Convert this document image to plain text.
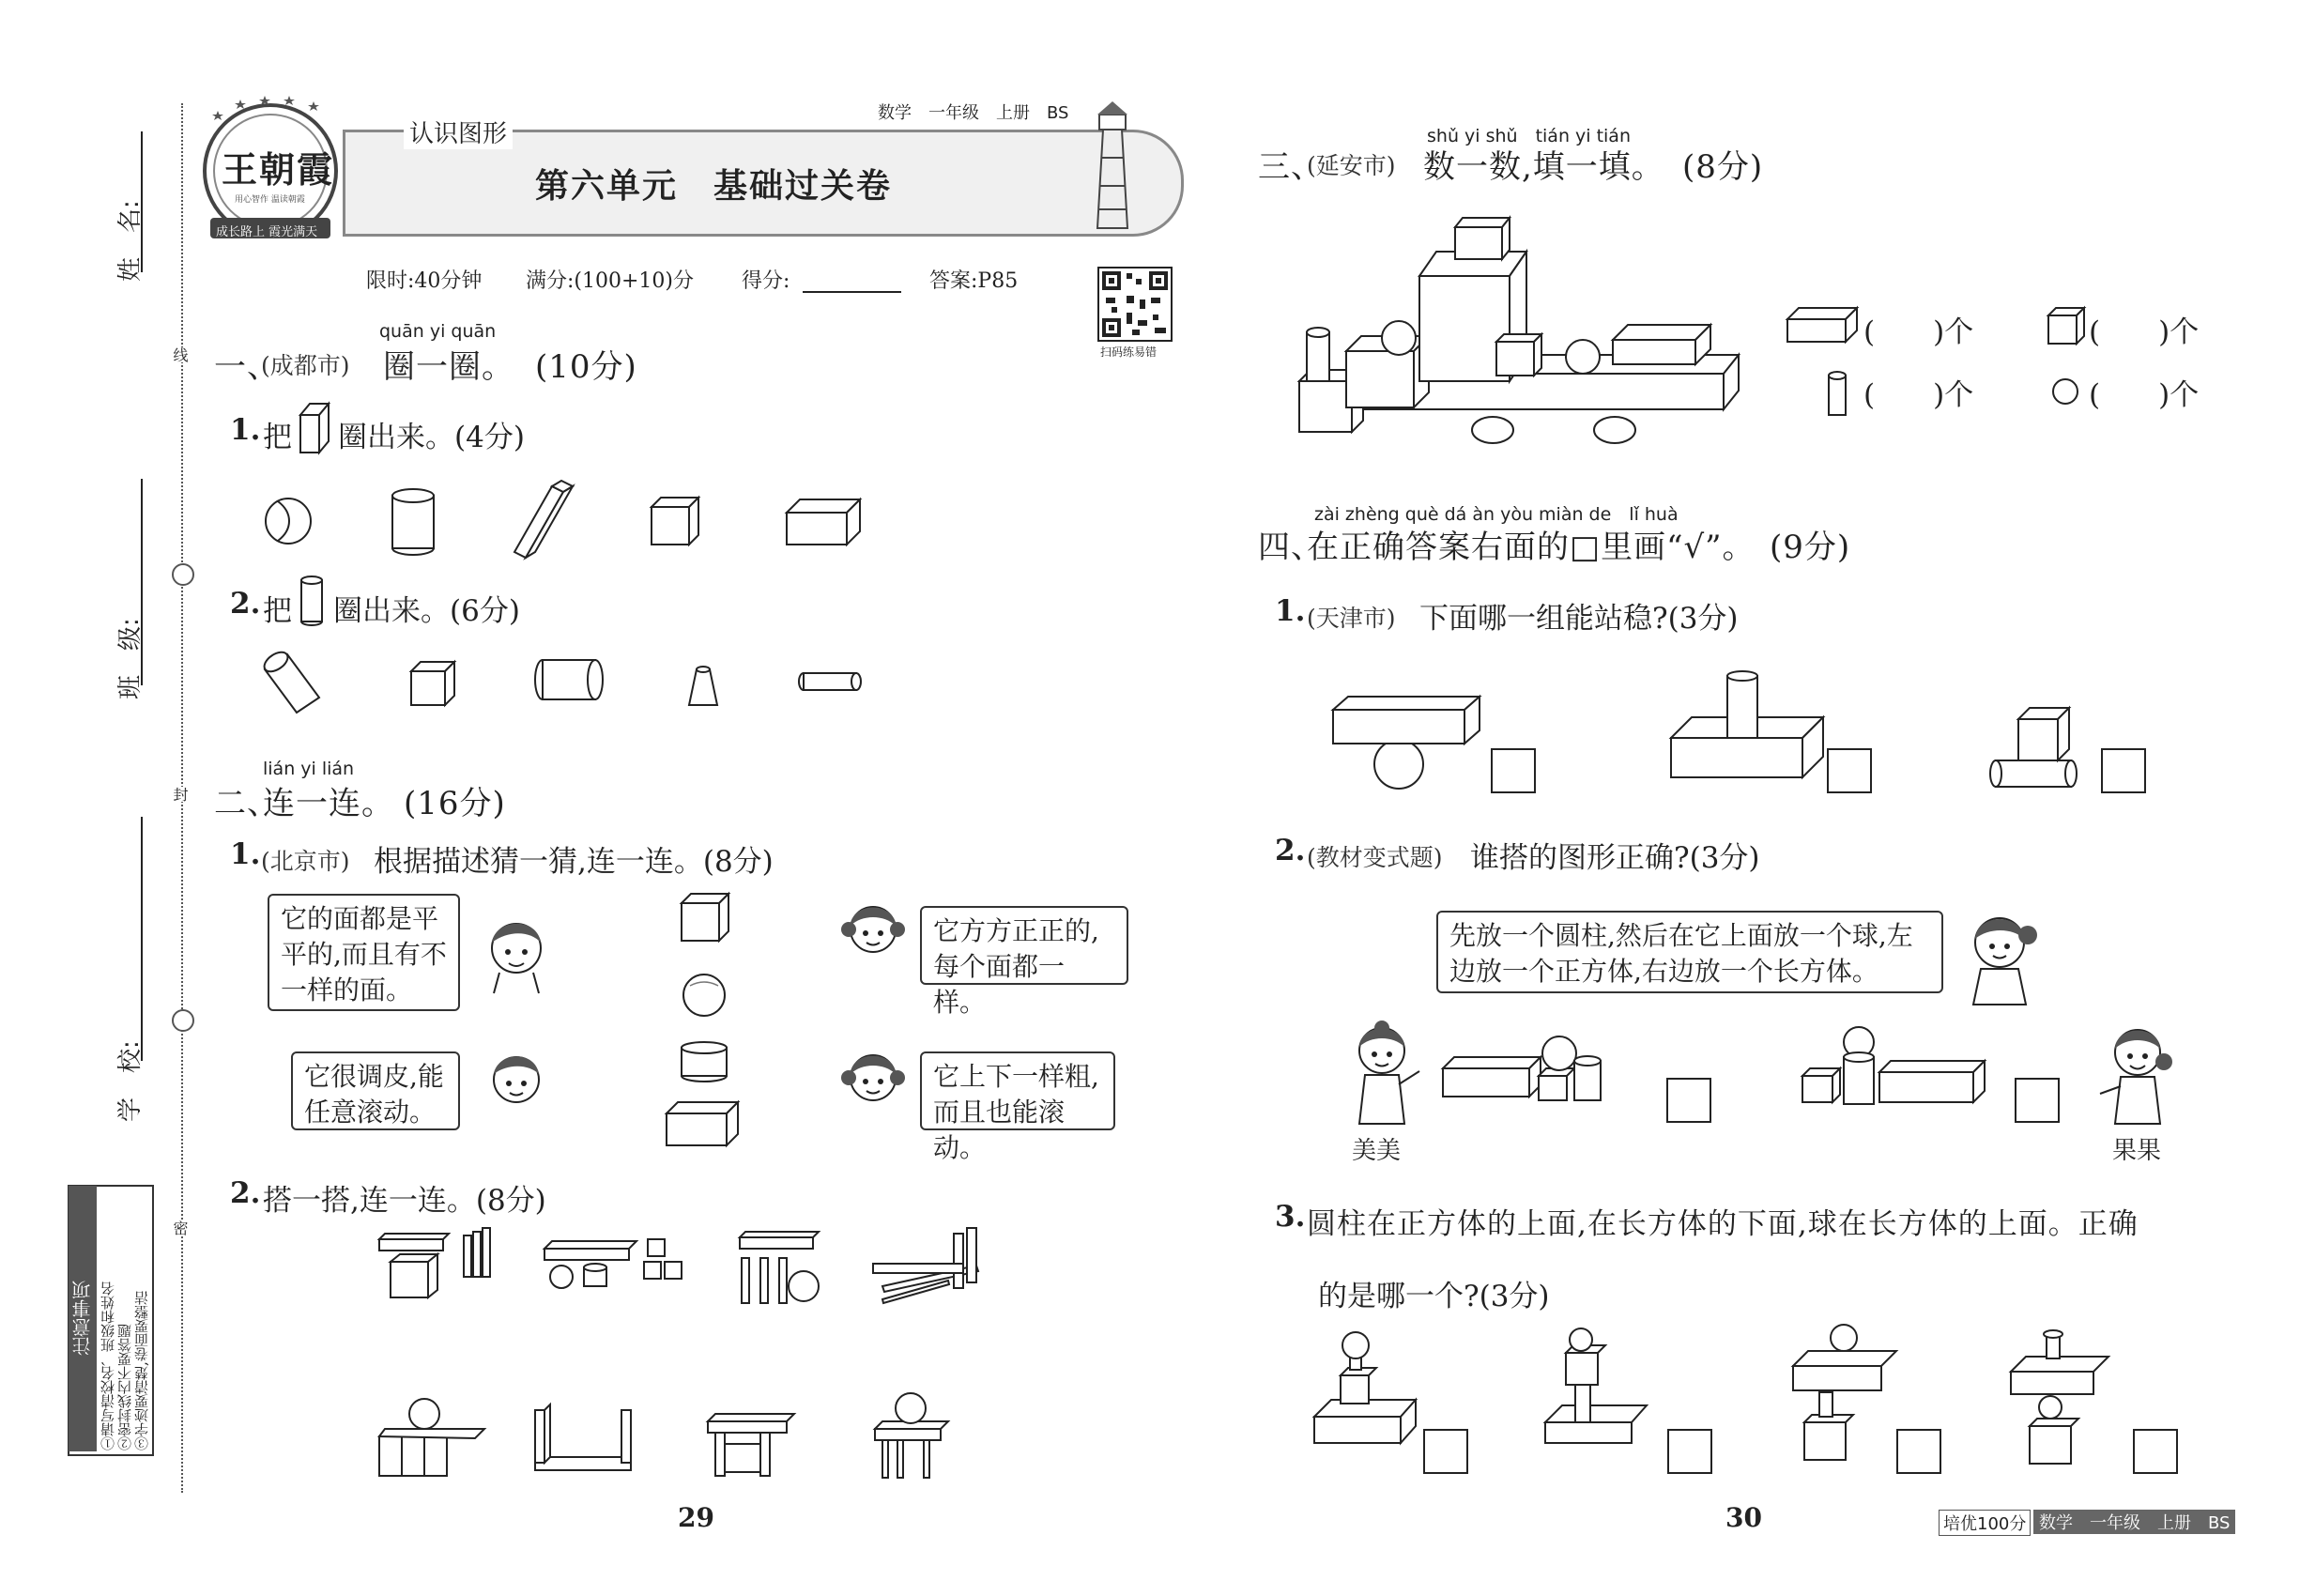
线
封
密
姓　名:
班　级:
学　校:
注意事项 ①请写清校名、班级和姓名 ②密封线内不要答题 ③字迹要清楚,卷面要整洁
王朝霞
用心智作 温读朝霞
成长路上 霞光满天
认识图形
数学　一年级　上册　BS
第六单元　基础过关卷
限时:40分钟 满分:(100+10)分 得分:	答案:P85
扫码练易错
quān yi quān
一、
(成都市) 圈一圈。 (10分)
1. 把 圈出来。(4分)
2. 把 圈出来。(6分)
lián yi lián
二、
连一连。 (16分)
1. (北京市) 根据描述猜一猜,连一连。(8分)
它的面都是平平的,而且有不一样的面。
它很调皮,能任意滚动。
它方方正正的,每个面都一样。
它上下一样粗,而且也能滚动。
2. 搭一搭,连一连。(8分)
29
shǔ yi shǔ　tián yi tián
三、
(延安市) 数一数,填一填。 (8分)
(　　)个	(　　)个
(　　)个	(　　)个
zài zhèng què dá àn yòu miàn de　lǐ huà
四、
在正确答案右面的□里画“√”。 (9分)
1. (天津市) 下面哪一组能站稳?(3分)
2. (教材变式题) 谁搭的图形正确?(3分)
先放一个圆柱,然后在它上面放一个球,左边放一个正方体,右边放一个长方体。
美美	果果
3. 圆柱在正方体的上面,在长方体的下面,球在长方体的上面。正确
的是哪一个?(3分)
30	培优100分 数学　一年级　上册　BS
